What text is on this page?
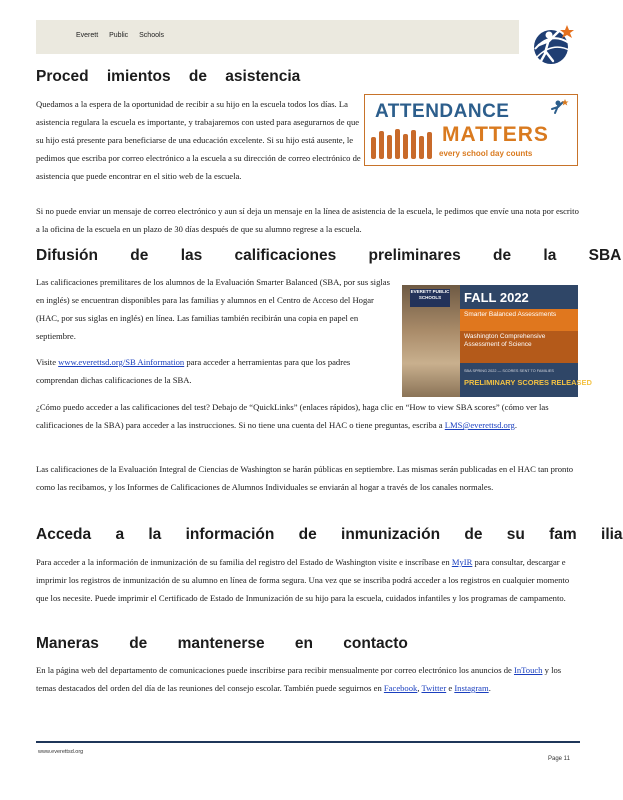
Everett Public Schools
Proced imientos de asistencia

Quedamos a la espera de la oportunidad de recibir a su hijo en la escuela todos los días. La asistencia regulara la escuela es importante, y trabajaremos con usted para asegurarnos de que su hijo está presente para beneficiarse de una educación excelente. Si su hijo está ausente, le pedimos que escriba por correo electrónico a la escuela a su dirección de correo electrónico de asistencia que puede encontrar en el sitio web de la escuela.

ATTENDANCE
MATTERS
every school day counts

Si no puede enviar un mensaje de correo electrónico y aun sí deja un mensaje en la línea de asistencia de la escuela, le pedimos que envíe una nota por escrito a la oficina de la escuela en un plazo de 30 días después de que su alumno regrese a la escuela.

Difusión de las calificaciones preliminares de la SBA

Las calificaciones premilitares de los alumnos de la Evaluación Smarter Balanced (SBA, por sus siglas en inglés) se encuentran disponibles para las familias y alumnos en el Centro de Acceso del Hogar (HAC, por sus siglas en inglés) en línea. Las familias también recibirán una copia en papel en septiembre.

EVERETT PUBLIC SCHOOLS	FALL 2022
Smarter Balanced Assessments
Washington Comprehensive Assessment of Science
SBA SPRING 2022 — SCORES SENT TO FAMILIES
PRELIMINARY SCORES RELEASED

Visite www.everettsd.org/SB Ainformation para acceder a herramientas para que los padres comprendan dichas calificaciones de la SBA.

¿Cómo puedo acceder a las calificaciones del test? Debajo de “QuickLinks” (enlaces rápidos), haga clic en “How to view SBA scores” (cómo ver las calificaciones de la SBA) para acceder a las instrucciones. Si no tiene una cuenta del HAC o tiene preguntas, escriba a LMS@everettsd.org.

Las calificaciones de la Evaluación Integral de Ciencias de Washington se harán públicas en septiembre. Las mismas serán publicadas en el HAC tan pronto como las recibamos, y los Informes de Calificaciones de Alumnos Individuales se enviarán al hogar a través de los canales normales.

Acceda a la información de inmunización de su fam ilia

Para acceder a la información de inmunización de su familia del registro del Estado de Washington visite e inscríbase en MyIR para consultar, descargar e imprimir los registros de inmunización de su alumno en línea de forma segura. Una vez que se inscriba podrá acceder a los registros en cualquier momento que los necesite. Puede imprimir el Certificado de Estado de Inmunización de su hijo para la escuela, cuidados infantiles y los programas de campamento.

Maneras de mantenerse en contacto

En la página web del departamento de comunicaciones puede inscribirse para recibir mensualmente por correo electrónico los anuncios de InTouch y los temas destacados del orden del día de las reuniones del consejo escolar. También puede seguirnos en Facebook, Twitter e Instagram.

www.everettsd.org
Page 11
